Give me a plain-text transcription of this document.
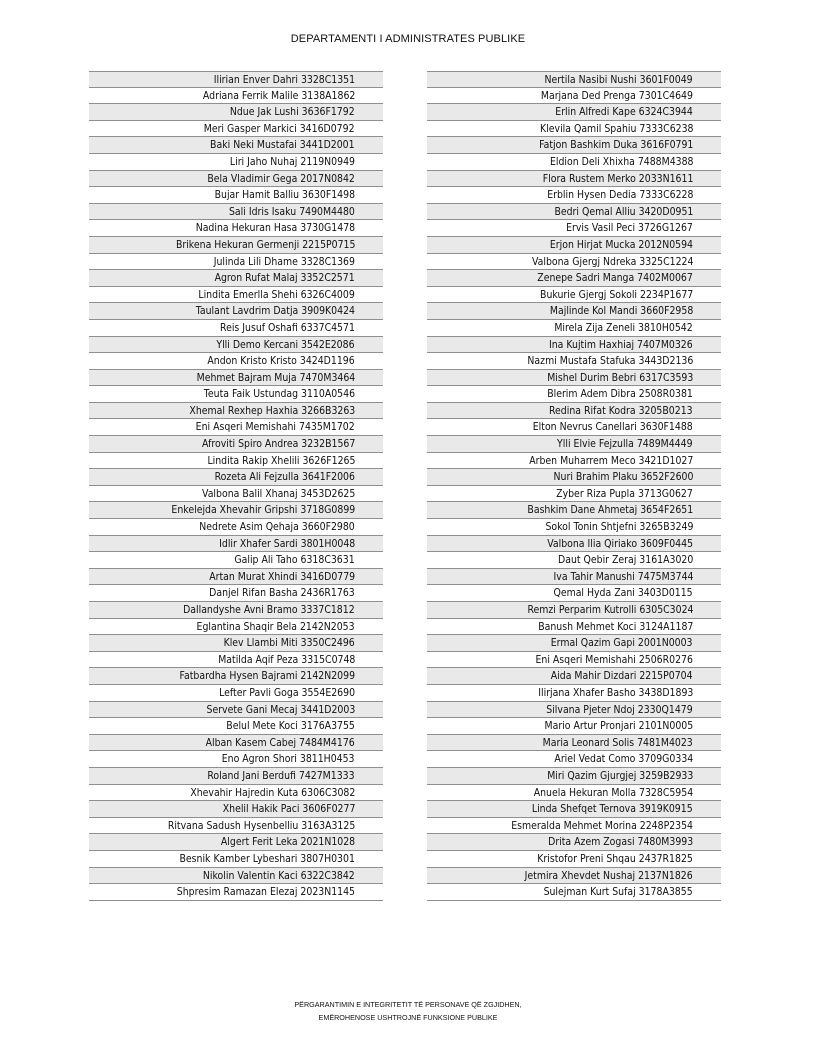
DEPARTAMENTI I ADMINISTRATES PUBLIKE
Ilirian Enver Dahri 3328C1351
Adriana Ferrik Malile 3138A1862
Ndue Jak Lushi 3636F1792
Meri Gasper Markici 3416D0792
Baki Neki Mustafai 3441D2001
Liri Jaho Nuhaj 2119N0949
Bela Vladimir Gega 2017N0842
Bujar Hamit Balliu 3630F1498
Sali Idris Isaku 7490M4480
Nadina Hekuran Hasa 3730G1478
Brikena Hekuran Germenji 2215P0715
Julinda Lili Dhame 3328C1369
Agron Rufat Malaj 3352C2571
Lindita Emerlla Shehi 6326C4009
Taulant Lavdrim Datja 3909K0424
Reis Jusuf Oshafi 6337C4571
Ylli Demo Kercani 3542E2086
Andon Kristo Kristo 3424D1196
Mehmet Bajram Muja 7470M3464
Teuta Faik Ustundag 3110A0546
Xhemal Rexhep Haxhia 3266B3263
Eni Asqeri Memishahi 7435M1702
Afroviti Spiro Andrea 3232B1567
Lindita Rakip Xhelili 3626F1265
Rozeta Ali Fejzulla 3641F2006
Valbona Balil Xhanaj 3453D2625
Enkelejda Xhevahir Gripshi 3718G0899
Nedrete Asim Qehaja 3660F2980
Idlir Xhafer Sardi 3801H0048
Galip Ali Taho 6318C3631
Artan Murat Xhindi 3416D0779
Danjel Rifan Basha 2436R1763
Dallandyshe Avni Bramo 3337C1812
Eglantina Shaqir Bela 2142N2053
Klev Llambi Miti 3350C2496
Matilda Aqif Peza 3315C0748
Fatbardha Hysen Bajrami 2142N2099
Lefter Pavli Goga 3554E2690
Servete Gani Mecaj 3441D2003
Belul Mete Koci 3176A3755
Alban Kasem Cabej 7484M4176
Eno Agron Shori 3811H0453
Roland Jani Berdufi 7427M1333
Xhevahir Hajredin Kuta 6306C3082
Xhelil Hakik Paci 3606F0277
Ritvana Sadush Hysenbelliu 3163A3125
Algert Ferit Leka 2021N1028
Besnik Kamber Lybeshari 3807H0301
Nikolin Valentin Kaci 6322C3842
Shpresim Ramazan Elezaj 2023N1145
Nertila Nasibi Nushi 3601F0049
Marjana Ded Prenga 7301C4649
Erlin Alfredi Kape 6324C3944
Klevila Qamil Spahiu 7333C6238
Fatjon Bashkim Duka 3616F0791
Eldion Deli Xhixha 7488M4388
Flora Rustem Merko 2033N1611
Erblin Hysen Dedia 7333C6228
Bedri Qemal Alliu 3420D0951
Ervis Vasil Peci 3726G1267
Erjon Hirjat Mucka 2012N0594
Valbona Gjergj Ndreka 3325C1224
Zenepe Sadri Manga 7402M0067
Bukurie Gjergj Sokoli 2234P1677
Majlinde Kol Mandi 3660F2958
Mirela Zija Zeneli 3810H0542
Ina Kujtim Haxhiaj 7407M0326
Nazmi Mustafa Stafuka 3443D2136
Mishel Durim Bebri 6317C3593
Blerim Adem Dibra 2508R0381
Redina Rifat Kodra 3205B0213
Elton Nevrus Canellari 3630F1488
Ylli Elvie Fejzulla 7489M4449
Arben Muharrem Meco 3421D1027
Nuri Brahim Plaku 3652F2600
Zyber Riza Pupla 3713G0627
Bashkim Dane Ahmetaj 3654F2651
Sokol Tonin Shtjefni 3265B3249
Valbona Ilia Qiriako 3609F0445
Daut Qebir Zeraj 3161A3020
Iva Tahir Manushi 7475M3744
Qemal Hyda Zani 3403D0115
Remzi Perparim Kutrolli 6305C3024
Banush Mehmet Koci 3124A1187
Ermal Qazim Gapi 2001N0003
Eni Asqeri Memishahi 2506R0276
Aida Mahir Dizdari 2215P0704
Ilirjana Xhafer Basho 3438D1893
Silvana Pjeter Ndoj 2330Q1479
Mario Artur Pronjari 2101N0005
Maria Leonard Solis 7481M4023
Ariel Vedat Como 3709G0334
Miri Qazim Gjurgjej 3259B2933
Anuela Hekuran Molla 7328C5954
Linda Shefqet Ternova 3919K0915
Esmeralda Mehmet Morina 2248P2354
Drita Azem Zogasi 7480M3993
Kristofor Preni Shqau 2437R1825
Jetmira Xhevdet Nushaj 2137N1826
Sulejman Kurt Sufaj 3178A3855
PËRGARANTIMIN E INTEGRITETIT TË PERSONAVE QË ZGJIDHEN,
EMËROHENOSE USHTROJNË FUNKSIONE PUBLIKE
